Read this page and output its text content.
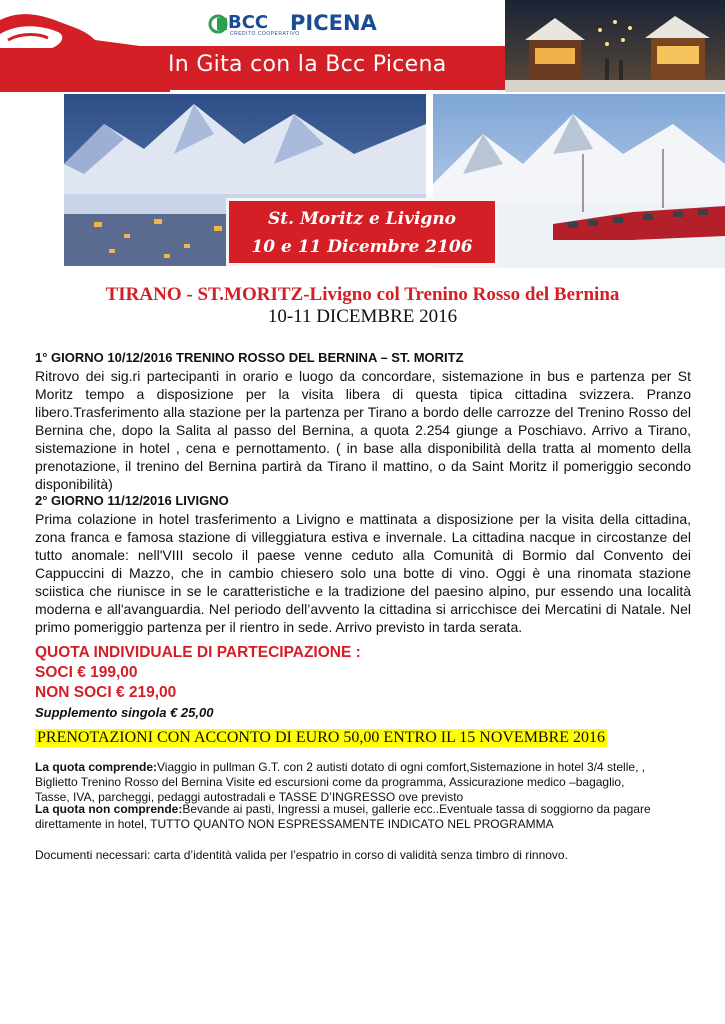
BCC PICENA
CREDITO COOPERATIVO
In Gita con la Bcc Picena
St. Moritz e Livigno
10 e 11 Dicembre 2106
TIRANO - ST.MORITZ-Livigno col Trenino Rosso del Bernina
10-11 DICEMBRE 2016
1° GIORNO 10/12/2016 TRENINO ROSSO DEL BERNINA – ST. MORITZ
Ritrovo dei sig.ri partecipanti in orario e luogo da concordare, sistemazione in bus e partenza per St Moritz tempo a disposizione per la visita libera di questa tipica cittadina svizzera. Pranzo libero.Trasferimento alla stazione per la partenza per Tirano a bordo delle carrozze del Trenino Rosso del Bernina che, dopo la Salita al passo del Bernina, a quota 2.254 giunge a Poschiavo. Arrivo a Tirano, sistemazione in hotel , cena e pernottamento. ( in base alla disponibilità della tratta al momento della prenotazione, il trenino del Bernina partirà da Tirano il mattino, o da Saint Moritz il pomeriggio secondo disponibilità)
2° GIORNO 11/12/2016 LIVIGNO
Prima colazione in hotel trasferimento a Livigno e mattinata a disposizione per la visita della cittadina, zona franca e famosa stazione di villeggiatura estiva e invernale. La cittadina nacque in circostanze del tutto anomale: nell'VIII secolo il paese venne ceduto alla Comunità di Bormio dal Convento dei Cappuccini di Mazzo, che in cambio chiesero solo una botte di vino. Oggi è una rinomata stazione sciistica che riunisce in se le caratteristiche e la tradizione del paesino alpino, pur essendo una località moderna e all'avanguardia. Nel periodo dell’avvento la cittadina si arricchisce dei Mercatini di Natale. Nel primo pomeriggio partenza per il rientro in sede. Arrivo previsto in tarda serata.
QUOTA INDIVIDUALE DI PARTECIPAZIONE :
SOCI € 199,00
NON SOCI € 219,00
Supplemento singola € 25,00
PRENOTAZIONI CON ACCONTO DI EURO 50,00 ENTRO IL 15 NOVEMBRE 2016
La quota comprende:Viaggio in pullman G.T. con 2 autisti dotato di ogni comfort,Sistemazione in hotel 3/4 stelle, , Biglietto Trenino Rosso del Bernina Visite ed escursioni come da programma, Assicurazione medico –bagaglio, Tasse, IVA, parcheggi, pedaggi autostradali e TASSE D’INGRESSO ove previsto
La quota non comprende:Bevande ai pasti, Ingressi a musei, gallerie ecc..Eventuale tassa di soggiorno da pagare direttamente in hotel, TUTTO QUANTO NON ESPRESSAMENTE INDICATO NEL PROGRAMMA
Documenti necessari: carta d’identità valida per l’espatrio in corso di validità senza timbro di rinnovo.
